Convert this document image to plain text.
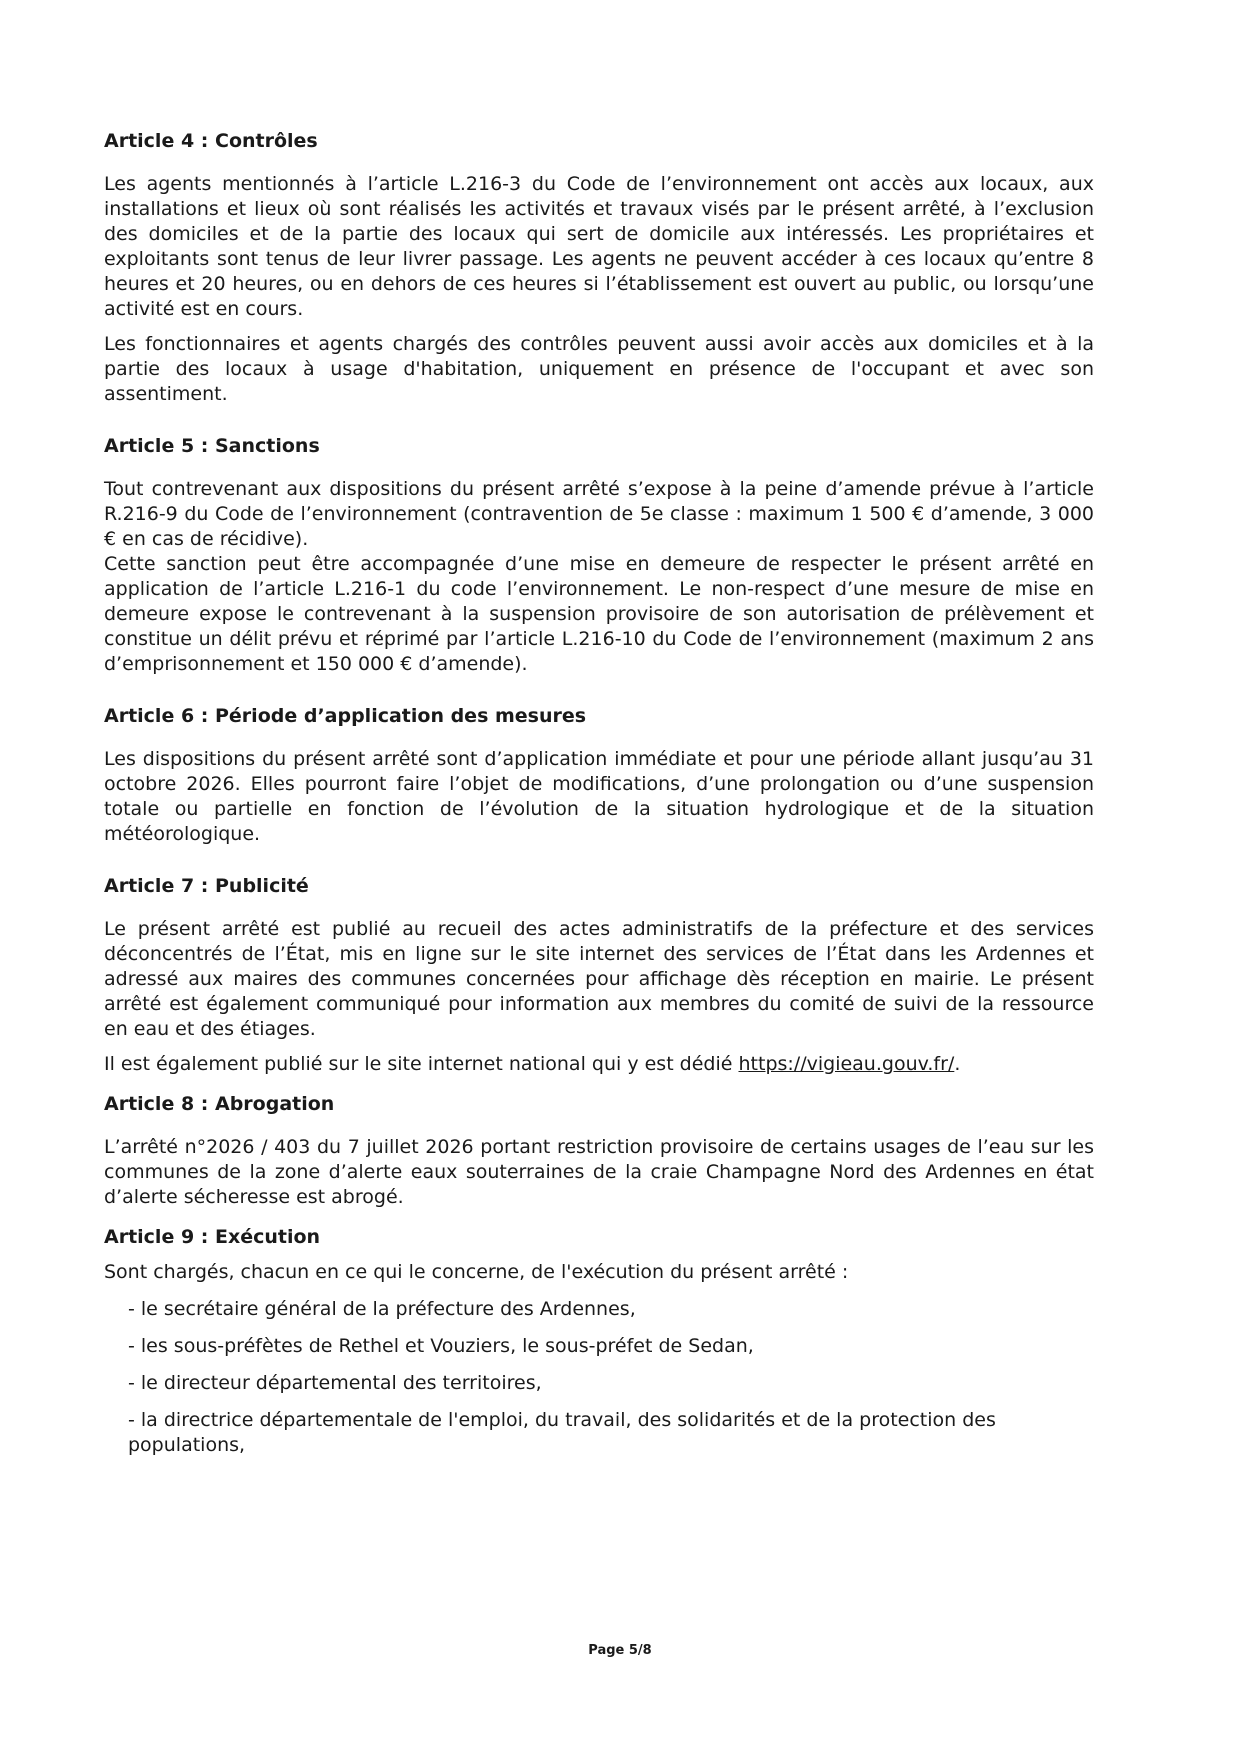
Article 4 : Contrôles

Les agents mentionnés à l’article L.216-3 du Code de l’environnement ont accès aux locaux, aux installations et lieux où sont réalisés les activités et travaux visés par le présent arrêté, à l’exclusion des domiciles et de la partie des locaux qui sert de domicile aux intéressés. Les propriétaires et exploitants sont tenus de leur livrer passage. Les agents ne peuvent accéder à ces locaux qu’entre 8 heures et 20 heures, ou en dehors de ces heures si l’établissement est ouvert au public, ou lorsqu’une activité est en cours.

Les fonctionnaires et agents chargés des contrôles peuvent aussi avoir accès aux domiciles et à la partie des locaux à usage d'habitation, uniquement en présence de l'occupant et avec son assentiment.

Article 5 : Sanctions

Tout contrevenant aux dispositions du présent arrêté s’expose à la peine d’amende prévue à l’article R.216-9 du Code de l’environnement (contravention de 5e classe : maximum 1 500 € d’amende, 3 000 € en cas de récidive).

Cette sanction peut être accompagnée d’une mise en demeure de respecter le présent arrêté en application de l’article L.216-1 du code l’environnement. Le non-respect d’une mesure de mise en demeure expose le contrevenant à la suspension provisoire de son autorisation de prélèvement et constitue un délit prévu et réprimé par l’article L.216-10 du Code de l’environnement (maximum 2 ans d’emprisonnement et 150 000 € d’amende).

Article 6 : Période d’application des mesures

Les dispositions du présent arrêté sont d’application immédiate et pour une période allant jusqu’au 31 octobre 2026. Elles pourront faire l’objet de modifications, d’une prolongation ou d’une suspension totale ou partielle en fonction de l’évolution de la situation hydrologique et de la situation météorologique.

Article 7 : Publicité

Le présent arrêté est publié au recueil des actes administratifs de la préfecture et des services déconcentrés de l’État, mis en ligne sur le site internet des services de l’État dans les Ardennes et adressé aux maires des communes concernées pour affichage dès réception en mairie. Le présent arrêté est également communiqué pour information aux membres du comité de suivi de la ressource en eau et des étiages.

Il est également publié sur le site internet national qui y est dédié https://vigieau.gouv.fr/.

Article 8 : Abrogation

L’arrêté n°2026 / 403 du 7 juillet 2026 portant restriction provisoire de certains usages de l’eau sur les communes de la zone d’alerte eaux souterraines de la craie Champagne Nord des Ardennes en état d’alerte sécheresse est abrogé.

Article 9 : Exécution

Sont chargés, chacun en ce qui le concerne, de l'exécution du présent arrêté :

- le secrétaire général de la préfecture des Ardennes,
- les sous-préfètes de Rethel et Vouziers, le sous-préfet de Sedan,
- le directeur départemental des territoires,
- la directrice départementale de l'emploi, du travail, des solidarités et de la protection des populations,
Page 5/8
